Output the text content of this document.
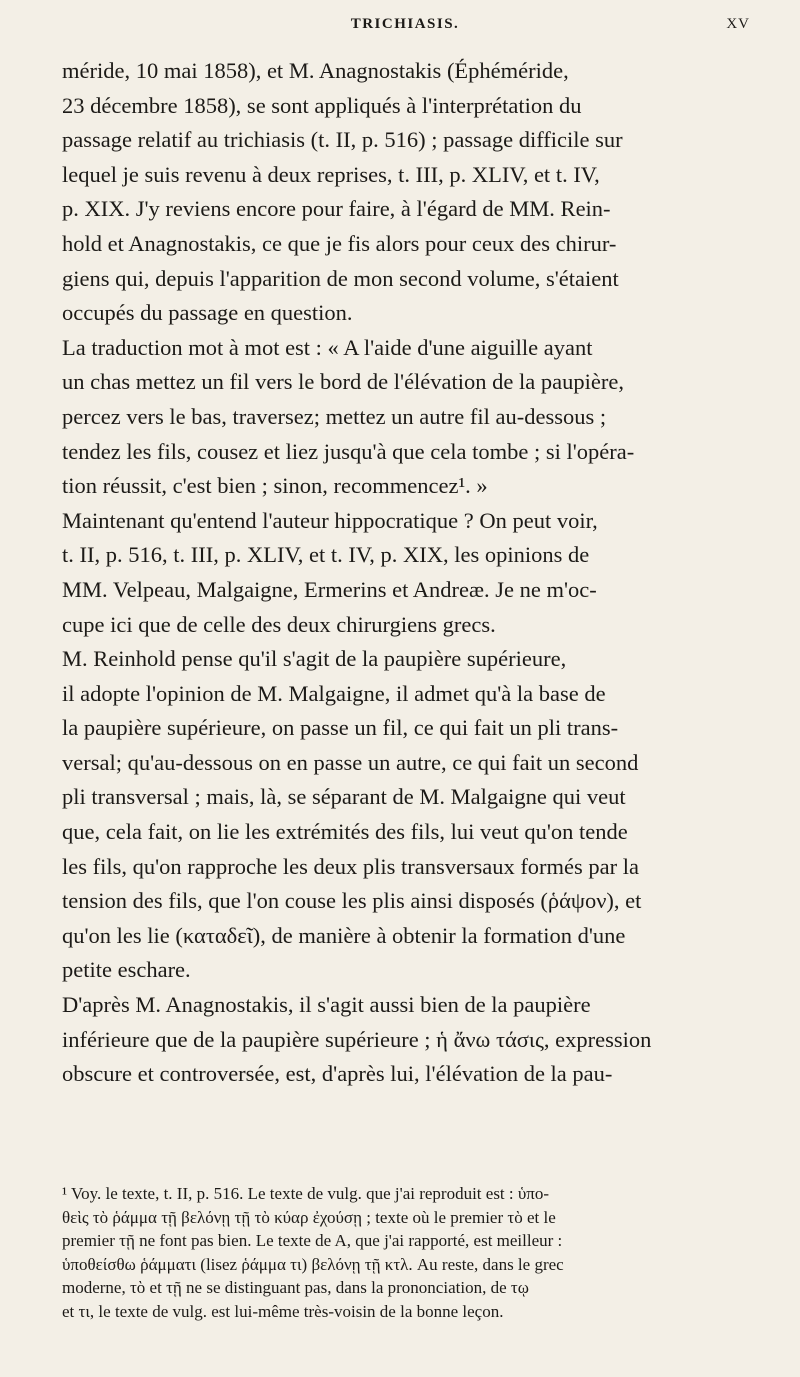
TRICHIASIS.	XV
méride, 10 mai 1858), et M. Anagnostakis (Éphéméride,
23 décembre 1858), se sont appliqués à l'interprétation du
passage relatif au trichiasis (t. II, p. 516) ; passage difficile sur
lequel je suis revenu à deux reprises, t. III, p. XLIV, et t. IV,
p. XIX. J'y reviens encore pour faire, à l'égard de MM. Rein-
hold et Anagnostakis, ce que je fis alors pour ceux des chirur-
giens qui, depuis l'apparition de mon second volume, s'étaient
occupés du passage en question.
La traduction mot à mot est : « A l'aide d'une aiguille ayant
un chas mettez un fil vers le bord de l'élévation de la paupière,
percez vers le bas, traversez; mettez un autre fil au-dessous ;
tendez les fils, cousez et liez jusqu'à que cela tombe ; si l'opéra-
tion réussit, c'est bien ; sinon, recommencez¹. »
Maintenant qu'entend l'auteur hippocratique ? On peut voir,
t. II, p. 516, t. III, p. XLIV, et t. IV, p. XIX, les opinions de
MM. Velpeau, Malgaigne, Ermerins et Andreæ. Je ne m'oc-
cupe ici que de celle des deux chirurgiens grecs.
M. Reinhold pense qu'il s'agit de la paupière supérieure,
il adopte l'opinion de M. Malgaigne, il admet qu'à la base de
la paupière supérieure, on passe un fil, ce qui fait un pli trans-
versal; qu'au-dessous on en passe un autre, ce qui fait un second
pli transversal ; mais, là, se séparant de M. Malgaigne qui veut
que, cela fait, on lie les extrémités des fils, lui veut qu'on tende
les fils, qu'on rapproche les deux plis transversaux formés par la
tension des fils, que l'on couse les plis ainsi disposés (ῥάψον), et
qu'on les lie (καταδεῖ), de manière à obtenir la formation d'une
petite eschare.
D'après M. Anagnostakis, il s'agit aussi bien de la paupière
inférieure que de la paupière supérieure ; ἡ ἄνω τάσις, expression
obscure et controversée, est, d'après lui, l'élévation de la pau-
¹ Voy. le texte, t. II, p. 516. Le texte de vulg. que j'ai reproduit est : ὑπο-
θεὶς τὸ ῥάμμα τῇ βελόνῃ τῇ τὸ κύαρ ἐχούσῃ ; texte où le premier τὸ et le
premier τῇ ne font pas bien. Le texte de A, que j'ai rapporté, est meilleur :
ὑποθείσθω ῥάμματι (lisez ῥάμμα τι) βελόνῃ τῇ κτλ. Au reste, dans le grec
moderne, τὸ et τῇ ne se distinguant pas, dans la prononciation, de τῳ
et τι, le texte de vulg. est lui-même très-voisin de la bonne leçon.
